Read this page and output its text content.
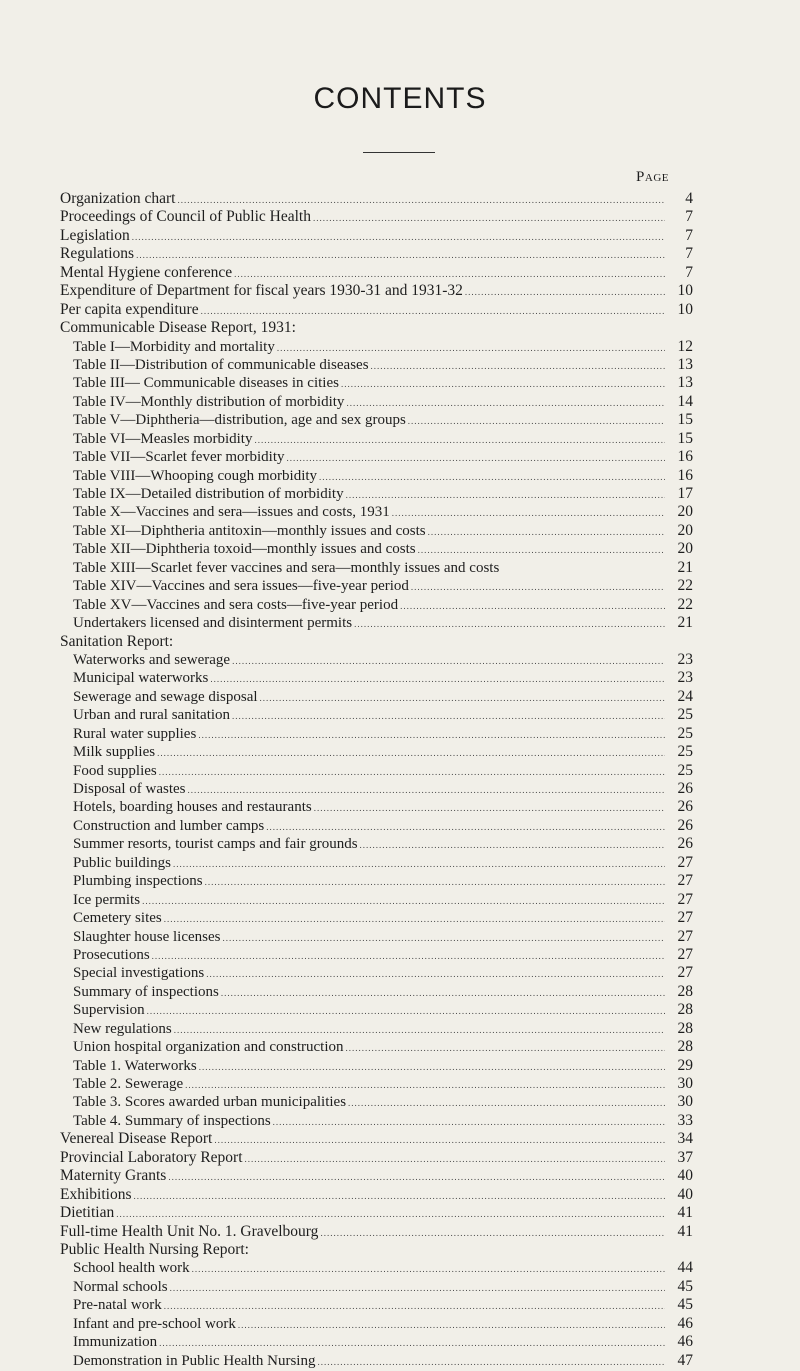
CONTENTS
Page
Organization chart .....	4
Proceedings of Council of Public Health .....	7
Legislation .....	7
Regulations .....	7
Mental Hygiene conference .....	7
Expenditure of Department for fiscal years 1930-31 and 1931-32 .....	10
Per capita expenditure .....	10
Communicable Disease Report, 1931:
Table I—Morbidity and mortality .....	12
Table II—Distribution of communicable diseases .....	13
Table III— Communicable diseases in cities .....	13
Table IV—Monthly distribution of morbidity .....	14
Table V—Diphtheria—distribution, age and sex groups .....	15
Table VI—Measles morbidity .....	15
Table VII—Scarlet fever morbidity .....	16
Table VIII—Whooping cough morbidity .....	16
Table IX—Detailed distribution of morbidity .....	17
Table X—Vaccines and sera—issues and costs, 1931 .....	20
Table XI—Diphtheria antitoxin—monthly issues and costs .....	20
Table XII—Diphtheria toxoid—monthly issues and costs .....	20
Table XIII—Scarlet fever vaccines and sera—monthly issues and costs	21
Table XIV—Vaccines and sera issues—five-year period .....	22
Table XV—Vaccines and sera costs—five-year period .....	22
Undertakers licensed and disinterment permits .....	21
Sanitation Report:
Waterworks and sewerage .....	23
Municipal waterworks .....	23
Sewerage and sewage disposal .....	24
Urban and rural sanitation .....	25
Rural water supplies .....	25
Milk supplies .....	25
Food supplies .....	25
Disposal of wastes .....	26
Hotels, boarding houses and restaurants .....	26
Construction and lumber camps .....	26
Summer resorts, tourist camps and fair grounds .....	26
Public buildings .....	27
Plumbing inspections .....	27
Ice permits .....	27
Cemetery sites .....	27
Slaughter house licenses .....	27
Prosecutions .....	27
Special investigations .....	27
Summary of inspections .....	28
Supervision .....	28
New regulations .....	28
Union hospital organization and construction .....	28
Table 1. Waterworks .....	29
Table 2. Sewerage .....	30
Table 3. Scores awarded urban municipalities .....	30
Table 4. Summary of inspections .....	33
Venereal Disease Report .....	34
Provincial Laboratory Report .....	37
Maternity Grants .....	40
Exhibitions .....	40
Dietitian .....	41
Full-time Health Unit No. 1. Gravelbourg .....	41
Public Health Nursing Report:
School health work .....	44
Normal schools .....	45
Pre-natal work .....	45
Infant and pre-school work .....	46
Immunization .....	46
Demonstration in Public Health Nursing .....	47
